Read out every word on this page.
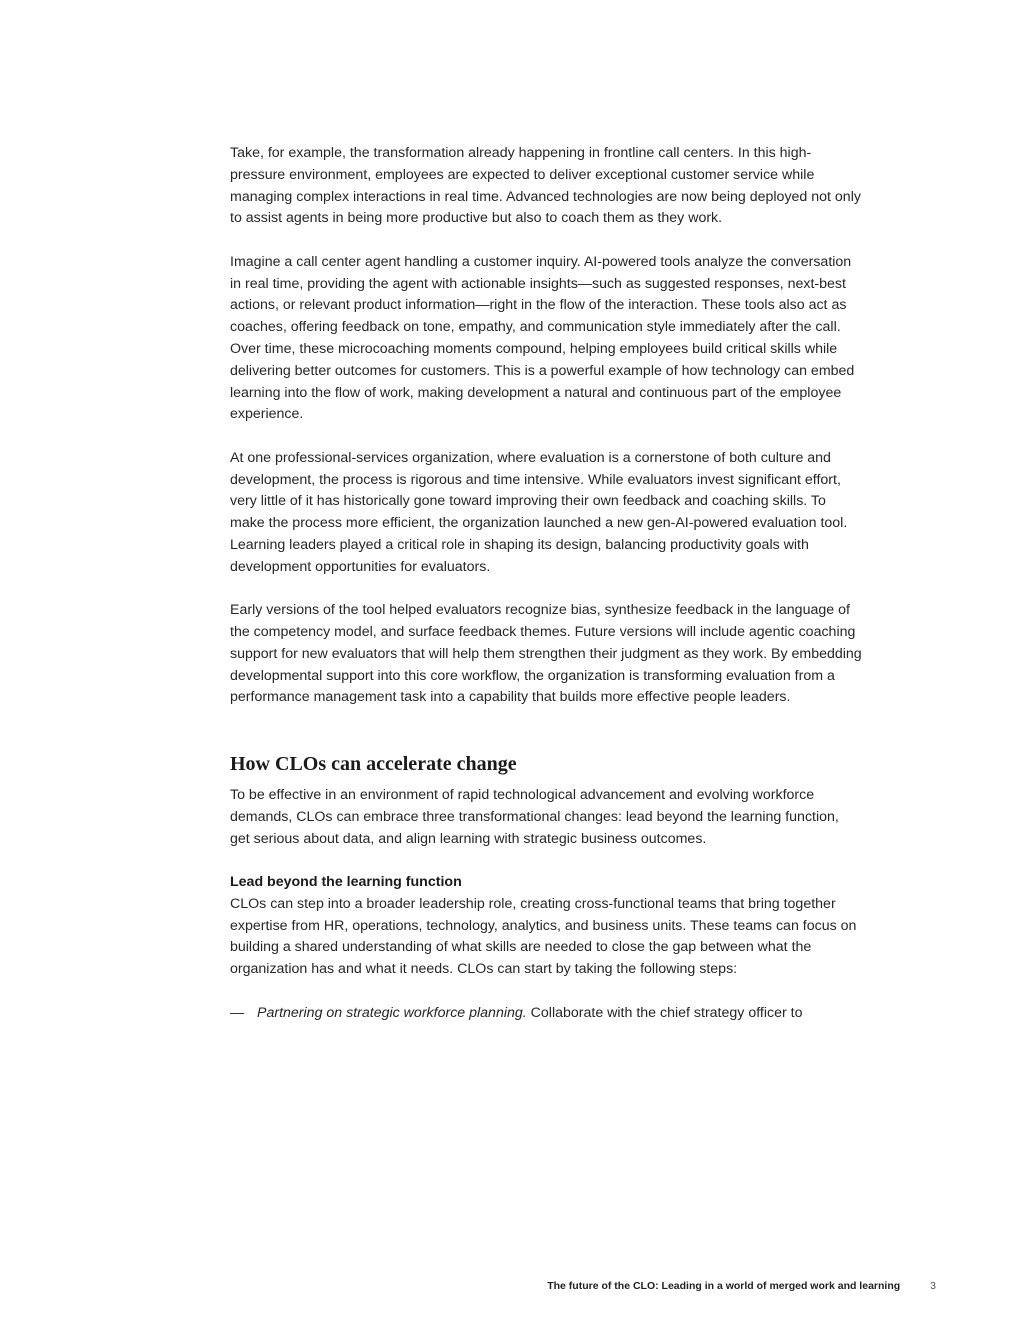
Take, for example, the transformation already happening in frontline call centers. In this high-pressure environment, employees are expected to deliver exceptional customer service while managing complex interactions in real time. Advanced technologies are now being deployed not only to assist agents in being more productive but also to coach them as they work.

Imagine a call center agent handling a customer inquiry. AI-powered tools analyze the conversation in real time, providing the agent with actionable insights—such as suggested responses, next-best actions, or relevant product information—right in the flow of the interaction. These tools also act as coaches, offering feedback on tone, empathy, and communication style immediately after the call. Over time, these microcoaching moments compound, helping employees build critical skills while delivering better outcomes for customers. This is a powerful example of how technology can embed learning into the flow of work, making development a natural and continuous part of the employee experience.

At one professional-services organization, where evaluation is a cornerstone of both culture and development, the process is rigorous and time intensive. While evaluators invest significant effort, very little of it has historically gone toward improving their own feedback and coaching skills. To make the process more efficient, the organization launched a new gen-AI-powered evaluation tool. Learning leaders played a critical role in shaping its design, balancing productivity goals with development opportunities for evaluators.

Early versions of the tool helped evaluators recognize bias, synthesize feedback in the language of the competency model, and surface feedback themes. Future versions will include agentic coaching support for new evaluators that will help them strengthen their judgment as they work. By embedding developmental support into this core workflow, the organization is transforming evaluation from a performance management task into a capability that builds more effective people leaders.

How CLOs can accelerate change

To be effective in an environment of rapid technological advancement and evolving workforce demands, CLOs can embrace three transformational changes: lead beyond the learning function, get serious about data, and align learning with strategic business outcomes.

Lead beyond the learning function

CLOs can step into a broader leadership role, creating cross-functional teams that bring together expertise from HR, operations, technology, analytics, and business units. These teams can focus on building a shared understanding of what skills are needed to close the gap between what the organization has and what it needs. CLOs can start by taking the following steps:

— Partnering on strategic workforce planning. Collaborate with the chief strategy officer to
The future of the CLO: Leading in a world of merged work and learning	3
